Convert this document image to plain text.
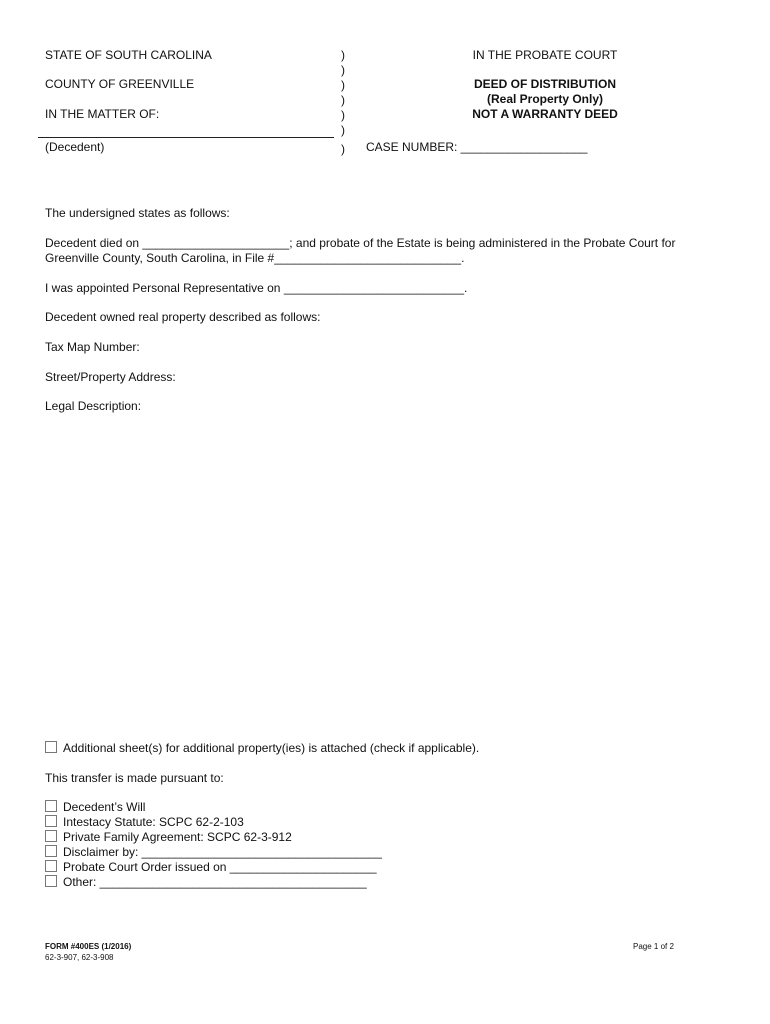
STATE OF SOUTH CAROLINA
COUNTY OF GREENVILLE
IN THE MATTER OF:
(Decedent)
)
)
)
)
)
)
)
IN THE PROBATE COURT
DEED OF DISTRIBUTION
(Real Property Only)
NOT A WARRANTY DEED
CASE NUMBER: ___________________
The undersigned states as follows:
Decedent died on ______________________; and probate of the Estate is being administered in the Probate Court for
Greenville County, South Carolina, in File #____________________________.
I was appointed Personal Representative on ___________________________.
Decedent owned real property described as follows:
Tax Map Number:
Street/Property Address:
Legal Description:
Additional sheet(s) for additional property(ies) is attached (check if applicable).
This transfer is made pursuant to:
Decedent’s Will
Intestacy Statute: SCPC 62-2-103
Private Family Agreement: SCPC 62-3-912
Disclaimer by: ____________________________________
Probate Court Order issued on ______________________
Other: ________________________________________
FORM #400ES (1/2016)
62-3-907, 62-3-908
Page 1 of 2
